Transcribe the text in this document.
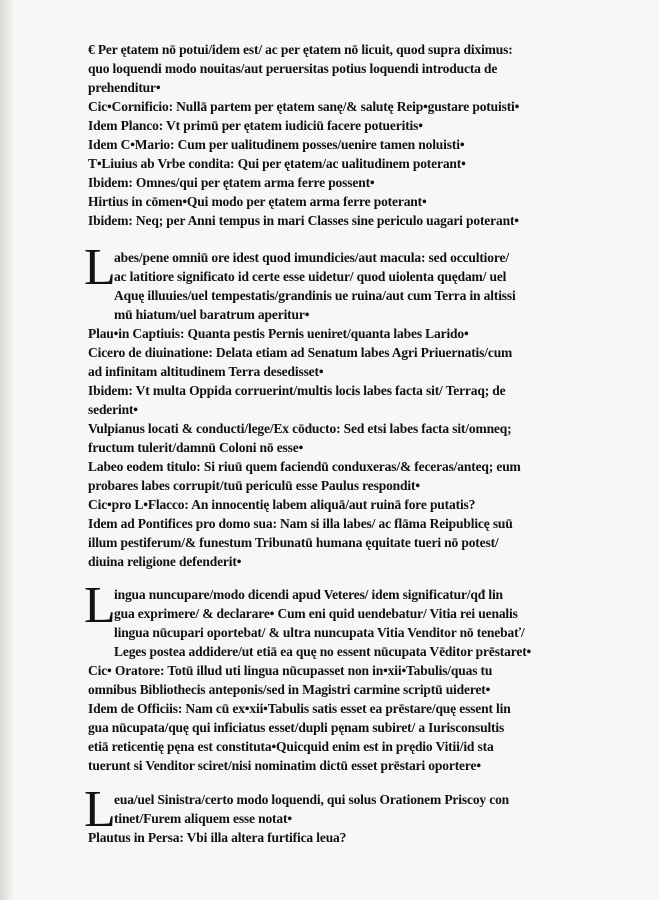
€ Per ętatem nō potui/idem est/ ac per ętatem nō licuit, quod supra diximus:
quo loquendi modo nouitas/aut peruersitas potius loquendi introducta de
prehenditur•
Cic•Cornificio: Nullā partem per ętatem sanę/& salutę Reip•gustare potuisti•
Idem Planco: Vt primū per ętatem iudiciū facere potueritis•
Idem C•Mario: Cum per ualitudinem posses/uenire tamen noluisti•
T•Liuius ab Vrbe condita: Qui per ętatem/ac ualitudinem poterant•
Ibidem: Omnes/qui per ętatem arma ferre possent•
Hirtius in cōmen•Qui modo per ętatem arma ferre poterant•
Ibidem: Neq; per Anni tempus in mari Classes sine periculo uagari poterant•
L
abes/pene omniū ore idest quod imundicies/aut macula: sed occultiore/
ac latitiore significato id certe esse uidetur/ quod uiolenta quędam/ uel
Aquę illuuies/uel tempestatis/grandinis ue ruina/aut cum Terra in altissi
mū hiatum/uel baratrum aperitur•
Plau•in Captiuis: Quanta pestis Pernis ueniret/quanta labes Larido•
Cicero de diuinatione: Delata etiam ad Senatum labes Agri Priuernatis/cum
ad infinitam altitudinem Terra desedisset•
Ibidem: Vt multa Oppida corruerint/multis locis labes facta sit/ Terraq; de
sederint•
Vulpianus locati & conducti/lege/Ex cōducto: Sed etsi labes facta sit/omneq;
fructum tulerit/damnū Coloni nō esse•
Labeo eodem titulo: Si riuū quem faciendū conduxeras/& feceras/anteq; eum
probares labes corrupit/tuū periculū esse Paulus respondit•
Cic•pro L•Flacco: An innocentię labem aliquā/aut ruinā fore putatis?
Idem ad Pontifices pro domo sua: Nam si illa labes/ ac flāma Reipublicę suū
illum pestiferum/& funestum Tribunatū humana ęquitate tueri nō potest/
diuina religione defenderit•
L
ingua nuncupare/modo dicendi apud Veteres/ idem significatur/qđ lin
gua exprimere/ & declarare• Cum eni quid uendebatur/ Vitia rei uenalis
lingua nūcupari oportebat/ & ultra nuncupata Vitia Venditor nō tenebať/
Leges postea addidere/ut etiā ea quę no essent nūcupata Vēditor prēstaret•
Cic• Oratore: Totū illud uti lingua nūcupasset non in•xii•Tabulis/quas tu
omnibus Bibliothecis anteponis/sed in Magistri carmine scriptū uideret•
Idem de Officiis: Nam cū ex•xii•Tabulis satis esset ea prēstare/quę essent lin
gua nūcupata/quę qui inficiatus esset/dupli pęnam subiret/ a Iurisconsultis
etiā reticentię pęna est constituta•Quicquid enim est in prędio Vitii/id sta
tuerunt si Venditor sciret/nisi nominatim dictū esset prēstari oportere•
L
eua/uel Sinistra/certo modo loquendi, qui solus Orationem Priscoy con
tinet/Furem aliquem esse notat•
Plautus in Persa: Vbi illa altera furtifica leua?
